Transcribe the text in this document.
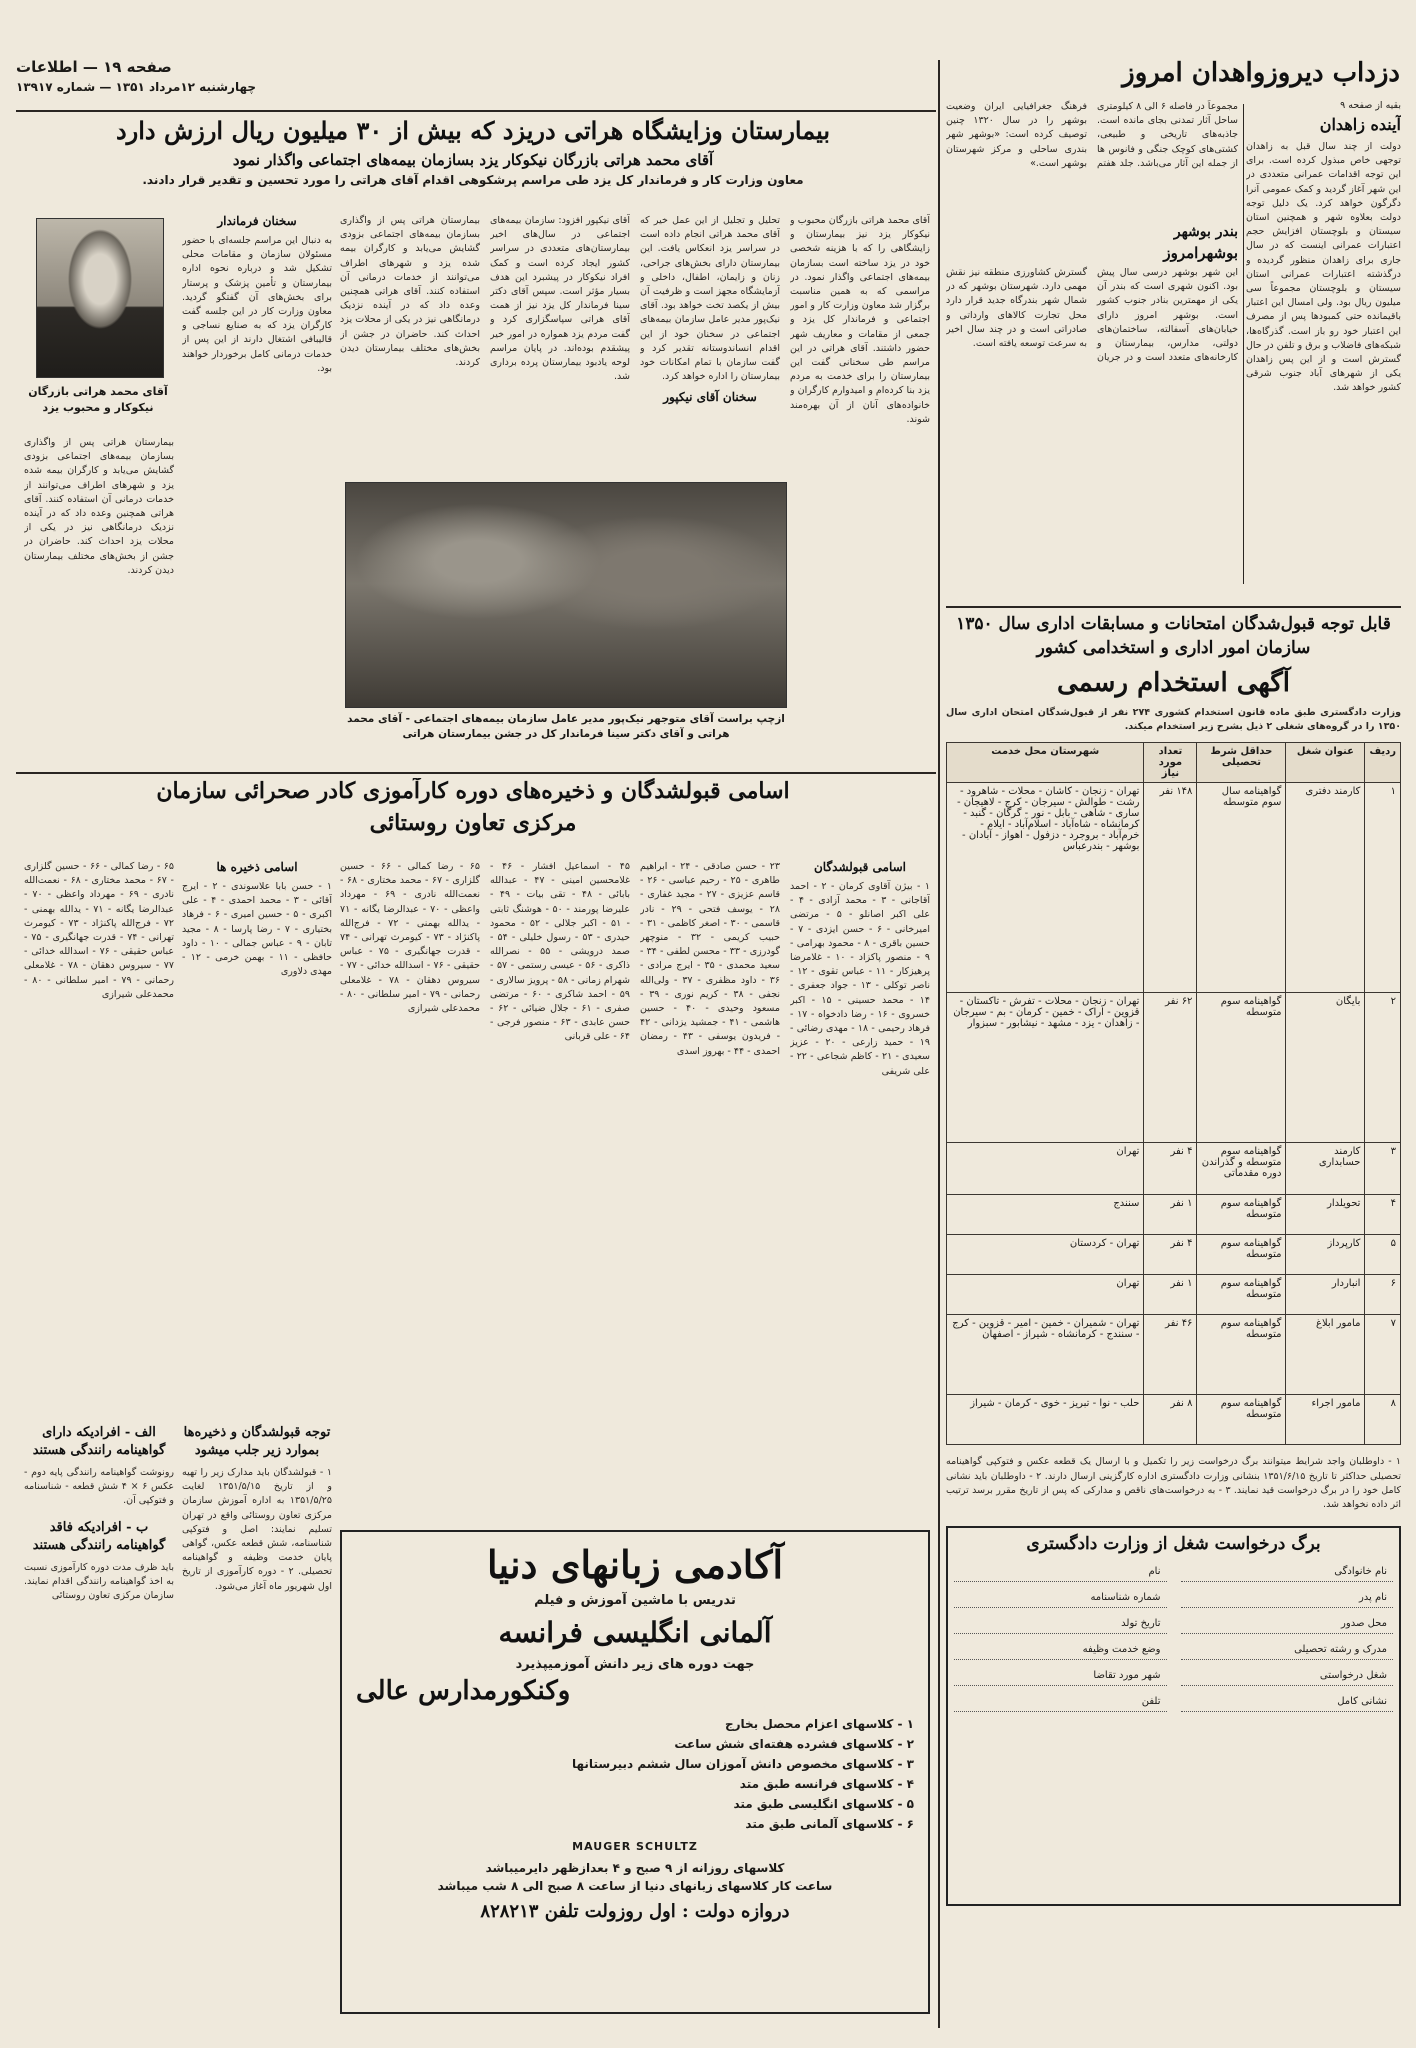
دزداب دیروزواهدان امروز
صفحه ۱۹ — اطلاعات
چهارشنبه ۱۲مرداد ۱۳۵۱ — شماره ۱۳۹۱۷
بقیه از صفحه ۹
آینده زاهدان
دولت از چند سال قبل به زاهدان توجهی خاص مبذول کرده است. برای این توجه اقدامات عمرانی متعددی در این شهر آغاز گردید و کمک عمومی آنرا دگرگون خواهد کرد. یک دلیل توجه دولت بعلاوه شهر و همچنین استان سیستان و بلوچستان افزایش حجم اعتبارات عمرانی اینست که در سال جاری برای زاهدان منظور گردیده و درگذشته اعتبارات عمرانی استان سیستان و بلوچستان مجموعاً سی میلیون ریال بود. ولی امسال این اعتبار باقیمانده حتی کمبودها پس از مصرف این اعتبار خود رو باز است. گذرگاه‌ها، شبکه‌های فاضلاب و برق و تلفن در حال گسترش است و از این پس زاهدان یکی از شهرهای آباد جنوب شرقی کشور خواهد شد.
مجموعاً در فاصله ۶ الی ۸ کیلومتری ساحل آثار تمدنی بجای مانده است. جاذبه‌های تاریخی و طبیعی، کشتی‌های کوچک جنگی و فانوس ها از جمله این آثار می‌باشد. جلد هفتم فرهنگ جغرافیایی ایران وضعیت بوشهر را در سال ۱۳۲۰ چنین توصیف کرده است: «بوشهر شهر بندری ساحلی و مرکز شهرستان بوشهر است.»
بندر بوشهر
بوشهرامروز
این شهر بوشهر درسی سال پیش بود. اکنون شهری است که بندر آن یکی از مهمترین بنادر جنوب کشور است. بوشهر امروز دارای خیابان‌های آسفالته، ساختمان‌های دولتی، مدارس، بیمارستان و کارخانه‌های متعدد است و در جریان گسترش کشاورزی منطقه نیز نقش مهمی دارد. شهرستان بوشهر که در شمال شهر بندرگاه جدید قرار دارد محل تجارت کالاهای وارداتی و صادراتی است و در چند سال اخیر به سرعت توسعه یافته است.
قابل توجه قبول‌شدگان امتحانات و مسابقات اداری سال ۱۳۵۰
سازمان امور اداری و استخدامی کشور
آگهی استخدام رسمی
وزارت دادگستری طبق ماده قانون استخدام کشوری ۲۷۴ نفر از قبول‌شدگان امتحان اداری سال ۱۳۵۰ را در گروه‌های شغلی ۲ ذیل بشرح زیر استخدام میکند.
ردیف	عنوان شغل	حداقل شرط تحصیلی	تعداد مورد نیاز	شهرستان محل خدمت
۱	کارمند دفتری	گواهینامه سال سوم متوسطه	۱۴۸ نفر	تهران - زنجان - کاشان - محلات - شاهرود - رشت - طوالش - سیرجان - کرج - لاهیجان - ساری - شاهی - بابل - نور - گرگان - گنبد - کرمانشاه - شاه‌آباد - اسلام‌آباد - ایلام - خرم‌آباد - بروجرد - دزفول - اهواز - آبادان - بوشهر - بندرعباس
۲	بایگان	گواهینامه سوم متوسطه	۶۲ نفر	تهران - زنجان - محلات - تفرش - تاکستان - قزوین - اراک - خمین - کرمان - بم - سیرجان - زاهدان - یزد - مشهد - نیشابور - سبزوار
۳	کارمند حسابداری	گواهینامه سوم متوسطه و گذراندن دوره مقدماتی	۴ نفر	تهران
۴	تحویلدار	گواهینامه سوم متوسطه	۱ نفر	سنندج
۵	کارپرداز	گواهینامه سوم متوسطه	۴ نفر	تهران - کردستان
۶	انباردار	گواهینامه سوم متوسطه	۱ نفر	تهران
۷	مامور ابلاغ	گواهینامه سوم متوسطه	۴۶ نفر	تهران - شمیران - خمین - امیر - قزوین - کرج - سنندج - کرمانشاه - شیراز - اصفهان
۸	مامور اجراء	گواهینامه سوم متوسطه	۸ نفر	حلب - نوا - تبریز - خوی - کرمان - شیراز
۱ - داوطلبان واجد شرایط میتوانند برگ درخواست زیر را تکمیل و با ارسال یک قطعه عکس و فتوکپی گواهینامه تحصیلی حداکثر تا تاریخ ۱۳۵۱/۶/۱۵ بنشانی وزارت دادگستری اداره کارگزینی ارسال دارند. ۲ - داوطلبان باید نشانی کامل خود را در برگ درخواست قید نمایند. ۳ - به درخواست‌های ناقص و مدارکی که پس از تاریخ مقرر برسد ترتیب اثر داده نخواهد شد.
برگ درخواست شغل از وزارت دادگستری
نام خانوادگی
نام
نام پدر
شماره شناسنامه
محل صدور
تاریخ تولد
مدرک و رشته تحصیلی
وضع خدمت وظیفه
شغل درخواستی
شهر مورد تقاضا
نشانی کامل
تلفن
بیمارستان وزایشگاه هراتی دریزد که بیش از ۳۰ میلیون ریال ارزش دارد
آقای محمد هراتی بازرگان نیکوکار یزد بسازمان بیمه‌های اجتماعی واگذار نمود
معاون وزارت کار و فرماندار کل یزد طی مراسم پرشکوهی اقدام آقای هراتی را مورد تحسین و تقدیر قرار دادند.
آقای محمد هراتی بازرگان نیکوکار و محبوب یزد
آقای محمد هراتی بازرگان محبوب و نیکوکار یزد نیز بیمارستان و زایشگاهی را که با هزینه شخصی خود در یزد ساخته است بسازمان بیمه‌های اجتماعی واگذار نمود. در مراسمی که به همین مناسبت برگزار شد معاون وزارت کار و امور اجتماعی و فرماندار کل یزد و جمعی از مقامات و معاریف شهر حضور داشتند. آقای هراتی در این مراسم طی سخنانی گفت این بیمارستان را برای خدمت به مردم یزد بنا کرده‌ام و امیدوارم کارگران و خانواده‌های آنان از آن بهره‌مند شوند.
تحلیل و تجلیل از این عمل خیر که آقای محمد هراتی انجام داده است در سراسر یزد انعکاس یافت. این بیمارستان دارای بخش‌های جراحی، زنان و زایمان، اطفال، داخلی و آزمایشگاه مجهز است و ظرفیت آن بیش از یکصد تخت خواهد بود. آقای نیک‌پور مدیر عامل سازمان بیمه‌های اجتماعی در سخنان خود از این اقدام انساندوستانه تقدیر کرد و گفت سازمان با تمام امکانات خود بیمارستان را اداره خواهد کرد.
سخنان آقای نیکپور
آقای نیکپور افزود: سازمان بیمه‌های اجتماعی در سال‌های اخیر بیمارستان‌های متعددی در سراسر کشور ایجاد کرده است و کمک افراد نیکوکار در پیشبرد این هدف بسیار مؤثر است. سپس آقای دکتر سینا فرماندار کل یزد نیز از همت آقای هراتی سپاسگزاری کرد و گفت مردم یزد همواره در امور خیر پیشقدم بوده‌اند. در پایان مراسم لوحه یادبود بیمارستان پرده برداری شد.
بیمارستان هراتی پس از واگذاری بسازمان بیمه‌های اجتماعی بزودی گشایش می‌یابد و کارگران بیمه شده یزد و شهرهای اطراف می‌توانند از خدمات درمانی آن استفاده کنند. آقای هراتی همچنین وعده داد که در آینده نزدیک درمانگاهی نیز در یکی از محلات یزد احداث کند. حاضران در جشن از بخش‌های مختلف بیمارستان دیدن کردند.
سخنان فرماندار
به دنبال این مراسم جلسه‌ای با حضور مسئولان سازمان و مقامات محلی تشکیل شد و درباره نحوه اداره بیمارستان و تأمین پزشک و پرستار برای بخش‌های آن گفتگو گردید. معاون وزارت کار در این جلسه گفت کارگران یزد که به صنایع نساجی و قالیبافی اشتغال دارند از این پس از خدمات درمانی کامل برخوردار خواهند بود.
بیمارستان هراتی پس از واگذاری بسازمان بیمه‌های اجتماعی بزودی گشایش می‌یابد و کارگران بیمه شده یزد و شهرهای اطراف می‌توانند از خدمات درمانی آن استفاده کنند. آقای هراتی همچنین وعده داد که در آینده نزدیک درمانگاهی نیز در یکی از محلات یزد احداث کند. حاضران در جشن از بخش‌های مختلف بیمارستان دیدن کردند.
ازچپ براست آقای متوجهر نیک‌پور مدیر عامل سازمان بیمه‌های اجتماعی - آقای محمد هراتی و آقای دکتر سینا فرماندار کل در جشن بیمارستان هراتی
اسامی قبولشدگان و ذخیره‌های دوره کارآموزی کادر صحرائی سازمان
مرکزی تعاون روستائی
اسامی قبولشدگان
۱ - بیژن آقاوی کرمان - ۲ - احمد آقاجانی - ۳ - محمد آزادی - ۴ - علی اکبر اصانلو - ۵ - مرتضی امیرخانی - ۶ - حسن ایزدی - ۷ - حسین باقری - ۸ - محمود بهرامی - ۹ - منصور پاکزاد - ۱۰ - غلامرضا پرهیزکار - ۱۱ - عباس تقوی - ۱۲ - ناصر توکلی - ۱۳ - جواد جعفری - ۱۴ - محمد حسینی - ۱۵ - اکبر خسروی - ۱۶ - رضا دادخواه - ۱۷ - فرهاد رحیمی - ۱۸ - مهدی رضائی - ۱۹ - حمید زارعی - ۲۰ - عزیز سعیدی - ۲۱ - کاظم شجاعی - ۲۲ - علی شریفی
۲۳ - حسن صادقی - ۲۴ - ابراهیم طاهری - ۲۵ - رحیم عباسی - ۲۶ - قاسم عزیزی - ۲۷ - مجید غفاری - ۲۸ - یوسف فتحی - ۲۹ - نادر قاسمی - ۳۰ - اصغر کاظمی - ۳۱ - حبیب کریمی - ۳۲ - منوچهر گودرزی - ۳۳ - محسن لطفی - ۳۴ - سعید محمدی - ۳۵ - ایرج مرادی - ۳۶ - داود مظفری - ۳۷ - ولی‌الله نجفی - ۳۸ - کریم نوری - ۳۹ - مسعود وحیدی - ۴۰ - حسین هاشمی - ۴۱ - جمشید یزدانی - ۴۲ - فریدون یوسفی - ۴۳ - رمضان احمدی - ۴۴ - بهروز اسدی
۴۵ - اسماعیل افشار - ۴۶ - غلامحسین امینی - ۴۷ - عبدالله بابائی - ۴۸ - تقی بیات - ۴۹ - علیرضا پورمند - ۵۰ - هوشنگ ثابتی - ۵۱ - اکبر جلالی - ۵۲ - محمود حیدری - ۵۳ - رسول خلیلی - ۵۴ - صمد درویشی - ۵۵ - نصرالله ذاکری - ۵۶ - عیسی رستمی - ۵۷ - شهرام زمانی - ۵۸ - پرویز سالاری - ۵۹ - احمد شاکری - ۶۰ - مرتضی صفری - ۶۱ - جلال ضیائی - ۶۲ - حسن عابدی - ۶۳ - منصور فرجی - ۶۴ - علی قربانی
۶۵ - رضا کمالی - ۶۶ - حسین گلزاری - ۶۷ - محمد مختاری - ۶۸ - نعمت‌الله نادری - ۶۹ - مهرداد واعظی - ۷۰ - عبدالرضا یگانه - ۷۱ - یدالله بهمنی - ۷۲ - فرج‌الله پاکنژاد - ۷۳ - کیومرث تهرانی - ۷۴ - قدرت جهانگیری - ۷۵ - عباس حقیقی - ۷۶ - اسدالله خدائی - ۷۷ - سیروس دهقان - ۷۸ - غلامعلی رحمانی - ۷۹ - امیر سلطانی - ۸۰ - محمدعلی شیرازی
اسامی ذخیره ها
۱ - حسن بابا علاسوندی - ۲ - ایرج آقائی - ۳ - محمد احمدی - ۴ - علی اکبری - ۵ - حسین امیری - ۶ - فرهاد بختیاری - ۷ - رضا پارسا - ۸ - مجید تابان - ۹ - عباس جمالی - ۱۰ - داود حافظی - ۱۱ - بهمن خرمی - ۱۲ - مهدی دلاوری
۶۵ - رضا کمالی - ۶۶ - حسین گلزاری - ۶۷ - محمد مختاری - ۶۸ - نعمت‌الله نادری - ۶۹ - مهرداد واعظی - ۷۰ - عبدالرضا یگانه - ۷۱ - یدالله بهمنی - ۷۲ - فرج‌الله پاکنژاد - ۷۳ - کیومرث تهرانی - ۷۴ - قدرت جهانگیری - ۷۵ - عباس حقیقی - ۷۶ - اسدالله خدائی - ۷۷ - سیروس دهقان - ۷۸ - غلامعلی رحمانی - ۷۹ - امیر سلطانی - ۸۰ - محمدعلی شیرازی
توجه قبولشدگان و ذخیره‌ها بموارد زیر جلب میشود
۱ - قبولشدگان باید مدارک زیر را تهیه و از تاریخ ۱۳۵۱/۵/۱۵ لغایت ۱۳۵۱/۵/۲۵ به اداره آموزش سازمان مرکزی تعاون روستائی واقع در تهران تسلیم نمایند: اصل و فتوکپی شناسنامه، شش قطعه عکس، گواهی پایان خدمت وظیفه و گواهینامه تحصیلی. ۲ - دوره کارآموزی از تاریخ اول شهریور ماه آغاز می‌شود.
الف - افرادیکه دارای گواهینامه رانندگی هستند
رونوشت گواهینامه رانندگی پایه دوم - عکس ۶ × ۴ شش قطعه - شناسنامه و فتوکپی آن.
ب - افرادیکه فاقد گواهینامه رانندگی هستند
باید ظرف مدت دوره کارآموزی نسبت به اخذ گواهینامه رانندگی اقدام نمایند. سازمان مرکزی تعاون روستائی
آکادمی زبانهای دنیا
تدریس با ماشین آموزش و فیلم
آلمانی انگلیسی فرانسه
جهت دوره های زیر دانش آموزمیپذیرد
وکنکورمدارس عالی
۱ - کلاسهای اعزام محصل بخارج
۲ - کلاسهای فشرده هفته‌ای شش ساعت
۳ - کلاسهای مخصوص دانش آموزان سال ششم دبیرستانها
۴ - کلاسهای فرانسه طبق متد
۵ - کلاسهای انگلیسی طبق متد
۶ - کلاسهای آلمانی طبق متد
MAUGER SCHULTZ
کلاسهای روزانه از ۹ صبح و ۴ بعدازظهر دایرمیباشد
ساعت کار کلاسهای زبانهای دنیا از ساعت ۸ صبح الی ۸ شب میباشد
دروازه دولت : اول روزولت تلفن ۸۲۸۲۱۳
